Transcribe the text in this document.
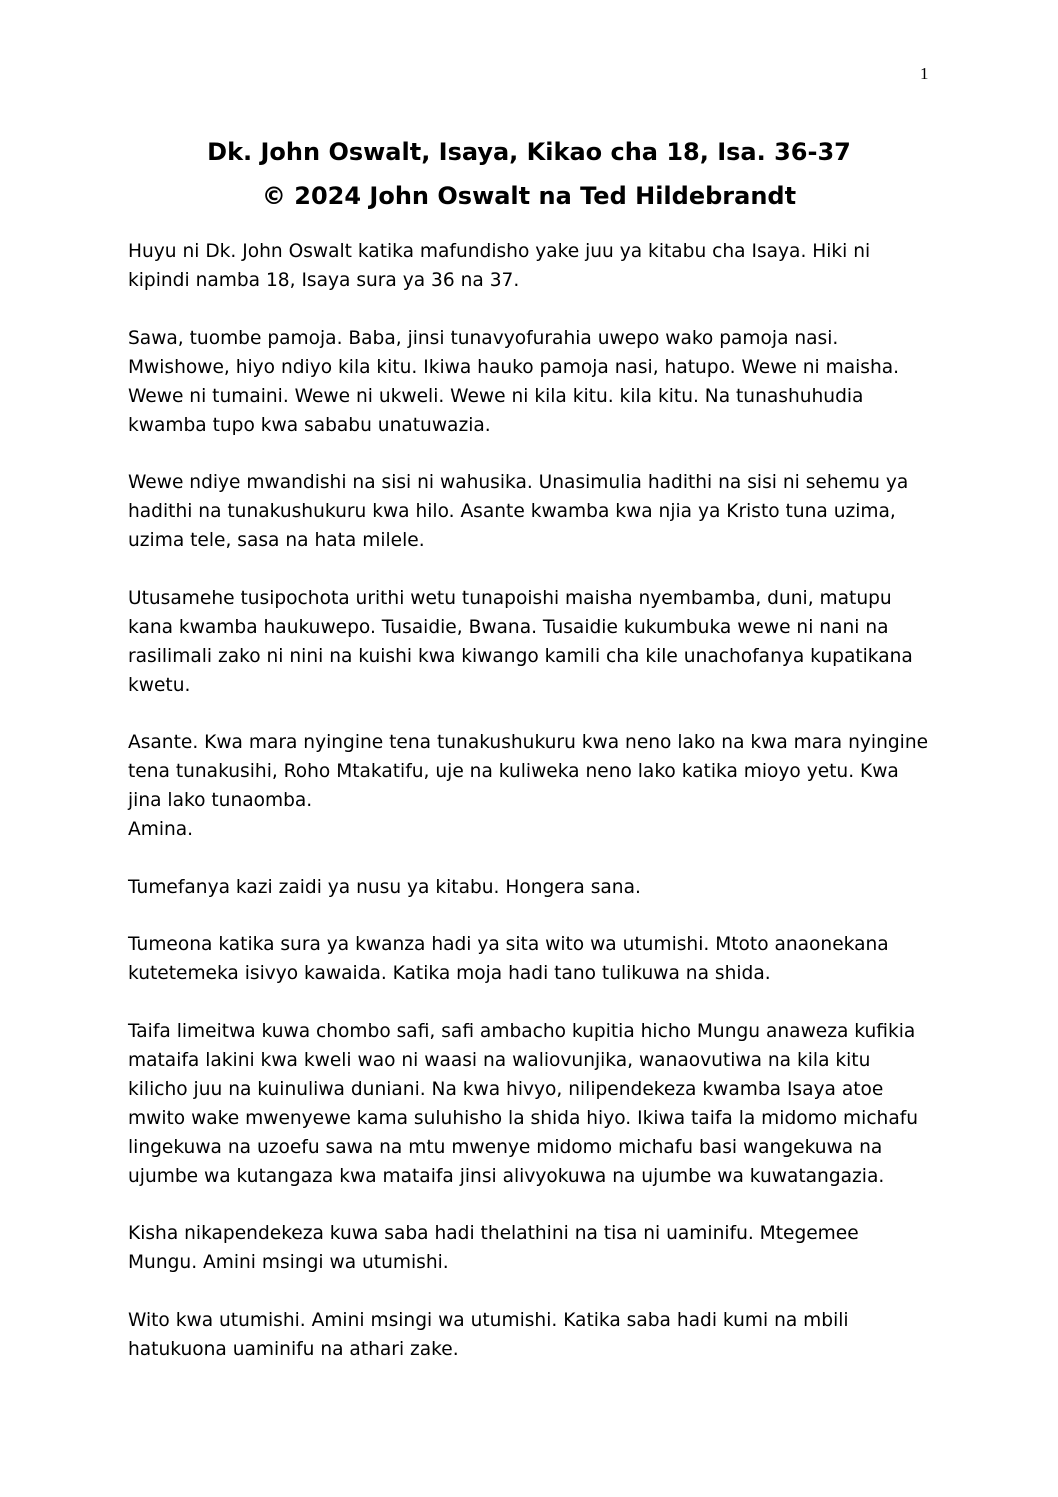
1
Dk. John Oswalt, Isaya, Kikao cha 18, Isa. 36-37
© 2024 John Oswalt na Ted Hildebrandt

Huyu ni Dk. John Oswalt katika mafundisho yake juu ya kitabu cha Isaya. Hiki ni
kipindi namba 18, Isaya sura ya 36 na 37.

Sawa, tuombe pamoja. Baba, jinsi tunavyofurahia uwepo wako pamoja nasi.
Mwishowe, hiyo ndiyo kila kitu. Ikiwa hauko pamoja nasi, hatupo. Wewe ni maisha.
Wewe ni tumaini. Wewe ni ukweli. Wewe ni kila kitu. kila kitu. Na tunashuhudia
kwamba tupo kwa sababu unatuwazia.

Wewe ndiye mwandishi na sisi ni wahusika. Unasimulia hadithi na sisi ni sehemu ya
hadithi na tunakushukuru kwa hilo. Asante kwamba kwa njia ya Kristo tuna uzima,
uzima tele, sasa na hata milele.

Utusamehe tusipochota urithi wetu tunapoishi maisha nyembamba, duni, matupu
kana kwamba haukuwepo. Tusaidie, Bwana. Tusaidie kukumbuka wewe ni nani na
rasilimali zako ni nini na kuishi kwa kiwango kamili cha kile unachofanya kupatikana
kwetu.

Asante. Kwa mara nyingine tena tunakushukuru kwa neno lako na kwa mara nyingine
tena tunakusihi, Roho Mtakatifu, uje na kuliweka neno lako katika mioyo yetu. Kwa
jina lako tunaomba.
Amina.

Tumefanya kazi zaidi ya nusu ya kitabu. Hongera sana.

Tumeona katika sura ya kwanza hadi ya sita wito wa utumishi. Mtoto anaonekana
kutetemeka isivyo kawaida. Katika moja hadi tano tulikuwa na shida.

Taifa limeitwa kuwa chombo safi, safi ambacho kupitia hicho Mungu anaweza kufikia
mataifa lakini kwa kweli wao ni waasi na waliovunjika, wanaovutiwa na kila kitu
kilicho juu na kuinuliwa duniani. Na kwa hivyo, nilipendekeza kwamba Isaya atoe
mwito wake mwenyewe kama suluhisho la shida hiyo. Ikiwa taifa la midomo michafu
lingekuwa na uzoefu sawa na mtu mwenye midomo michafu basi wangekuwa na
ujumbe wa kutangaza kwa mataifa jinsi alivyokuwa na ujumbe wa kuwatangazia.

Kisha nikapendekeza kuwa saba hadi thelathini na tisa ni uaminifu. Mtegemee
Mungu. Amini msingi wa utumishi.

Wito kwa utumishi. Amini msingi wa utumishi. Katika saba hadi kumi na mbili
hatukuona uaminifu na athari zake.
